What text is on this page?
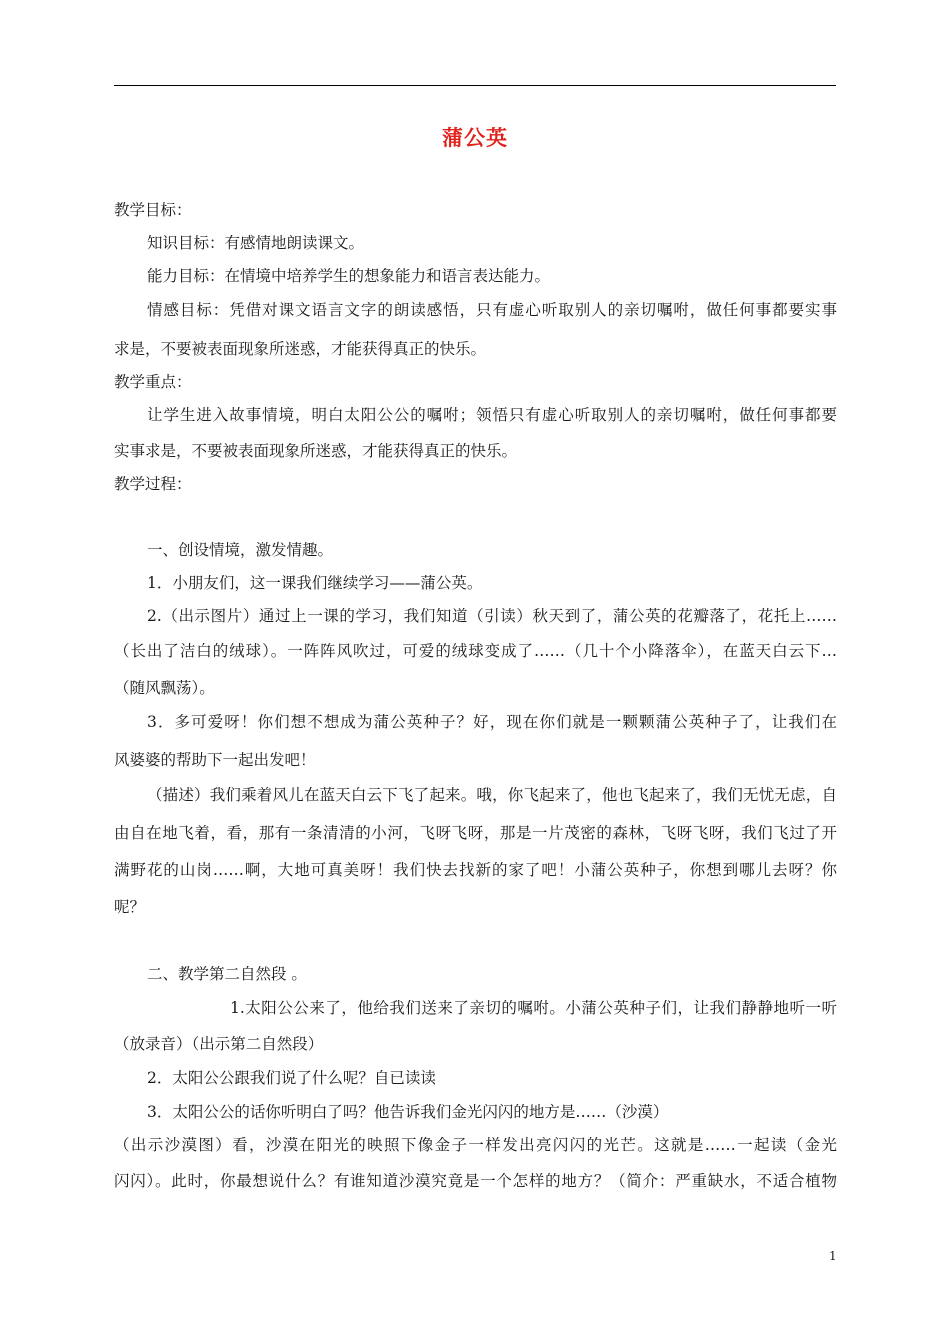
蒲公英
教学目标：
知识目标：有感情地朗读课文。
能力目标：在情境中培养学生的想象能力和语言表达能力。
情感目标：凭借对课文语言文字的朗读感悟，只有虚心听取别人的亲切嘱咐，做任何事都要实事
求是，不要被表面现象所迷惑，才能获得真正的快乐。
教学重点：
让学生进入故事情境，明白太阳公公的嘱咐；领悟只有虚心听取别人的亲切嘱咐，做任何事都要
实事求是，不要被表面现象所迷惑，才能获得真正的快乐。
教学过程：
一、创设情境，激发情趣。
1．小朋友们，这一课我们继续学习——蒲公英。
2.（出示图片）通过上一课的学习，我们知道（引读）秋天到了，蒲公英的花瓣落了，花托上……
（长出了洁白的绒球）。一阵阵风吹过，可爱的绒球变成了……（几十个小降落伞），在蓝天白云下…
（随风飘荡）。
3．多可爱呀！你们想不想成为蒲公英种子？好，现在你们就是一颗颗蒲公英种子了，让我们在
风婆婆的帮助下一起出发吧！
（描述）我们乘着风儿在蓝天白云下飞了起来。哦，你飞起来了，他也飞起来了，我们无忧无虑，自
由自在地飞着，看，那有一条清清的小河，飞呀飞呀，那是一片茂密的森林，飞呀飞呀，我们飞过了开
满野花的山岗……啊，大地可真美呀！我们快去找新的家了吧！小蒲公英种子，你想到哪儿去呀？你
呢？
二、教学第二自然段 。
1.太阳公公来了，他给我们送来了亲切的嘱咐。小蒲公英种子们，让我们静静地听一听
（放录音）（出示第二自然段）
2．太阳公公跟我们说了什么呢？自已读读
3．太阳公公的话你听明白了吗？他告诉我们金光闪闪的地方是……（沙漠）
（出示沙漠图）看，沙漠在阳光的映照下像金子一样发出亮闪闪的光芒。这就是……一起读（金光
闪闪）。此时，你最想说什么？有谁知道沙漠究竟是一个怎样的地方？（简介：严重缺水，不适合植物
1
